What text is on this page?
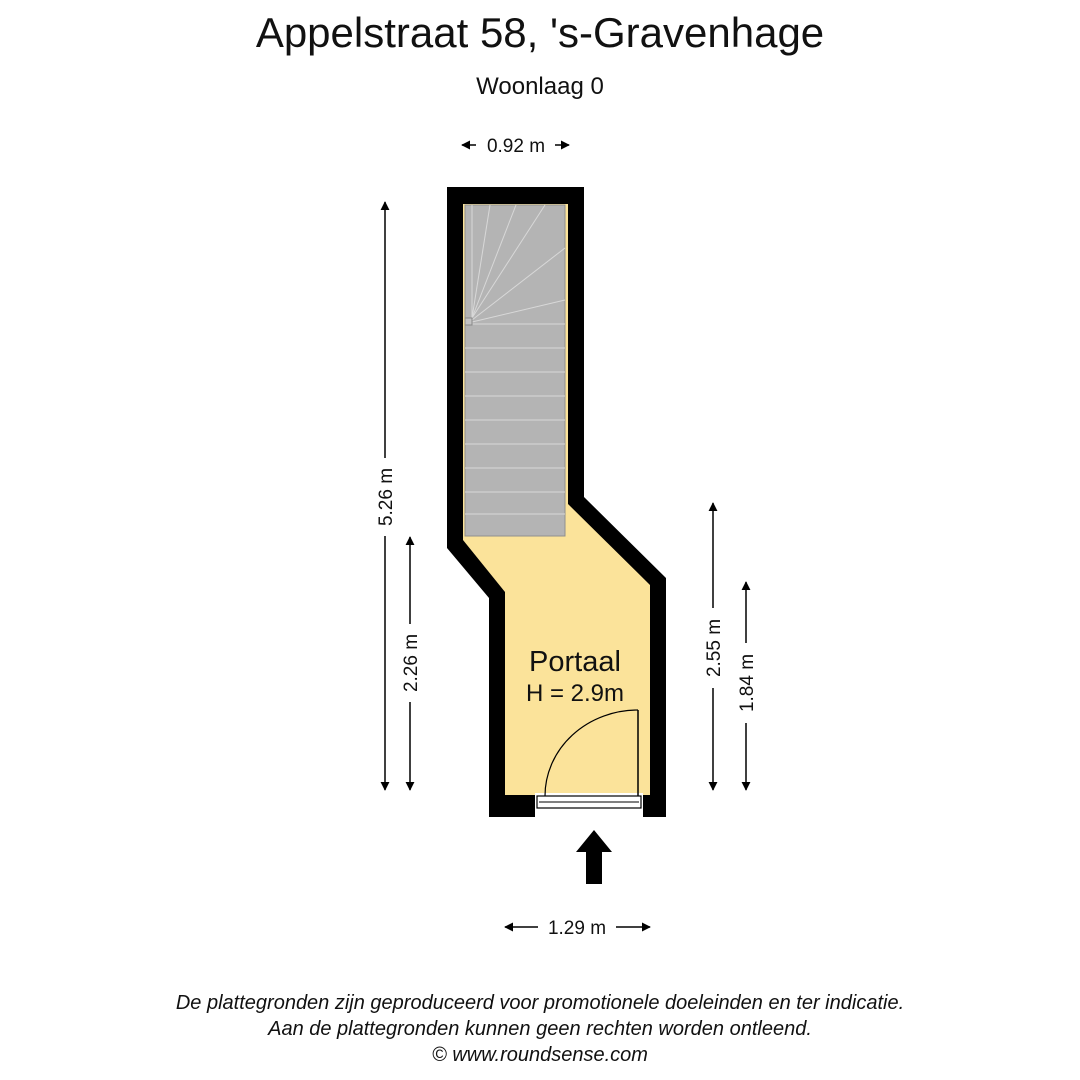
Appelstraat 58, 's-Gravenhage
Woonlaag 0
Portaal
H = 2.9m
0.92 m
1.29 m
5.26 m
2.26 m	2.55 m
1.84 m
De plattegronden zijn geproduceerd voor promotionele doeleinden en ter indicatie.
Aan de plattegronden kunnen geen rechten worden ontleend.
© www.roundsense.com
